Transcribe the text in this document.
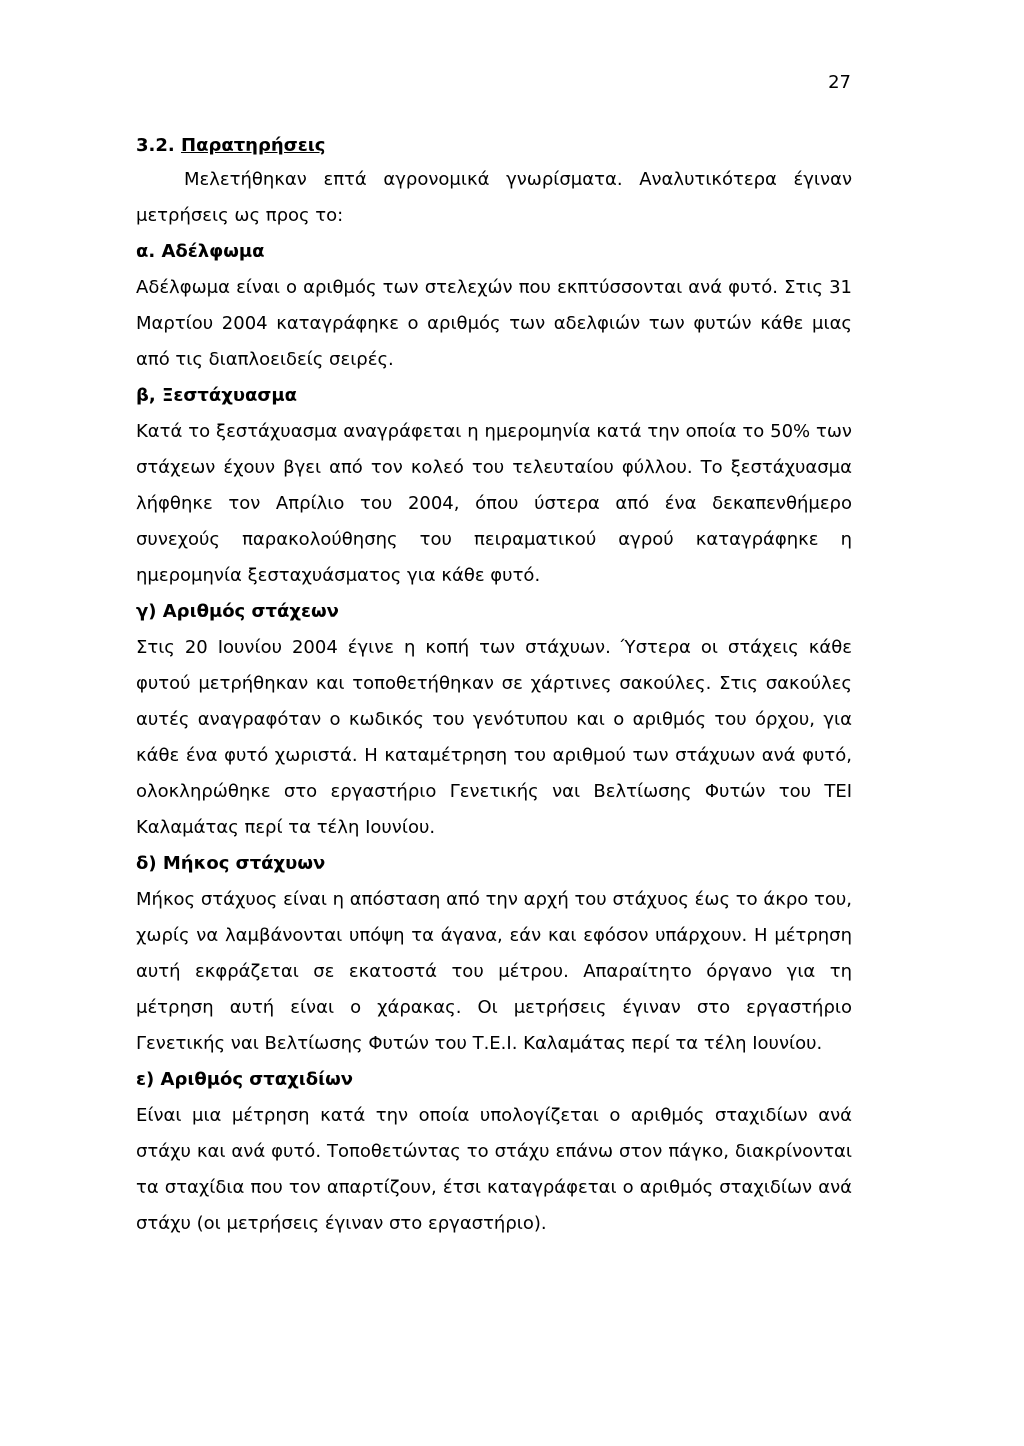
27
3.2. Παρατηρήσεις

Μελετήθηκαν επτά αγρονομικά γνωρίσματα. Αναλυτικότερα έγιναν μετρήσεις ως προς το:

α. Αδέλφωμα

Αδέλφωμα είναι ο αριθμός των στελεχών που εκπτύσσονται ανά φυτό. Στις 31 Μαρτίου 2004 καταγράφηκε ο αριθμός των αδελφιών των φυτών κάθε μιας από τις διαπλοειδείς σειρές.

β, Ξεστάχυασμα

Κατά το ξεστάχυασμα αναγράφεται η ημερομηνία κατά την οποία το 50% των στάχεων έχουν βγει από τον κολεό του τελευταίου φύλλου. Το ξεστάχυασμα λήφθηκε τον Απρίλιο του 2004, όπου ύστερα από ένα δεκαπενθήμερο συνεχούς παρακολούθησης του πειραματικού αγρού καταγράφηκε η ημερομηνία ξεσταχυάσματος για κάθε φυτό.

γ) Αριθμός στάχεων

Στις 20 Ιουνίου 2004 έγινε η κοπή των στάχυων. Ύστερα οι στάχεις κάθε φυτού μετρήθηκαν και τοποθετήθηκαν σε χάρτινες σακούλες. Στις σακούλες αυτές αναγραφόταν ο κωδικός του γενότυπου και ο αριθμός του όρχου, για κάθε ένα φυτό χωριστά. Η καταμέτρηση του αριθμού των στάχυων ανά φυτό, ολοκληρώθηκε στο εργαστήριο Γενετικής ναι Βελτίωσης Φυτών του ΤΕΙ Καλαμάτας περί τα τέλη Ιουνίου.

δ) Μήκος στάχυων

Μήκος στάχυος είναι η απόσταση από την αρχή του στάχυος έως το άκρο του, χωρίς να λαμβάνονται υπόψη τα άγανα, εάν και εφόσον υπάρχουν. Η μέτρηση αυτή εκφράζεται σε εκατοστά του μέτρου. Απαραίτητο όργανο για τη μέτρηση αυτή είναι ο χάρακας. Οι μετρήσεις έγιναν στο εργαστήριο Γενετικής ναι Βελτίωσης Φυτών του Τ.Ε.Ι. Καλαμάτας περί τα τέλη Ιουνίου.

ε) Αριθμός σταχιδίων

Είναι μια μέτρηση κατά την οποία υπολογίζεται ο αριθμός σταχιδίων ανά στάχυ και ανά φυτό. Τοποθετώντας το στάχυ επάνω στον πάγκο, διακρίνονται τα σταχίδια που τον απαρτίζουν, έτσι καταγράφεται ο αριθμός σταχιδίων ανά στάχυ (οι μετρήσεις έγιναν στο εργαστήριο).
